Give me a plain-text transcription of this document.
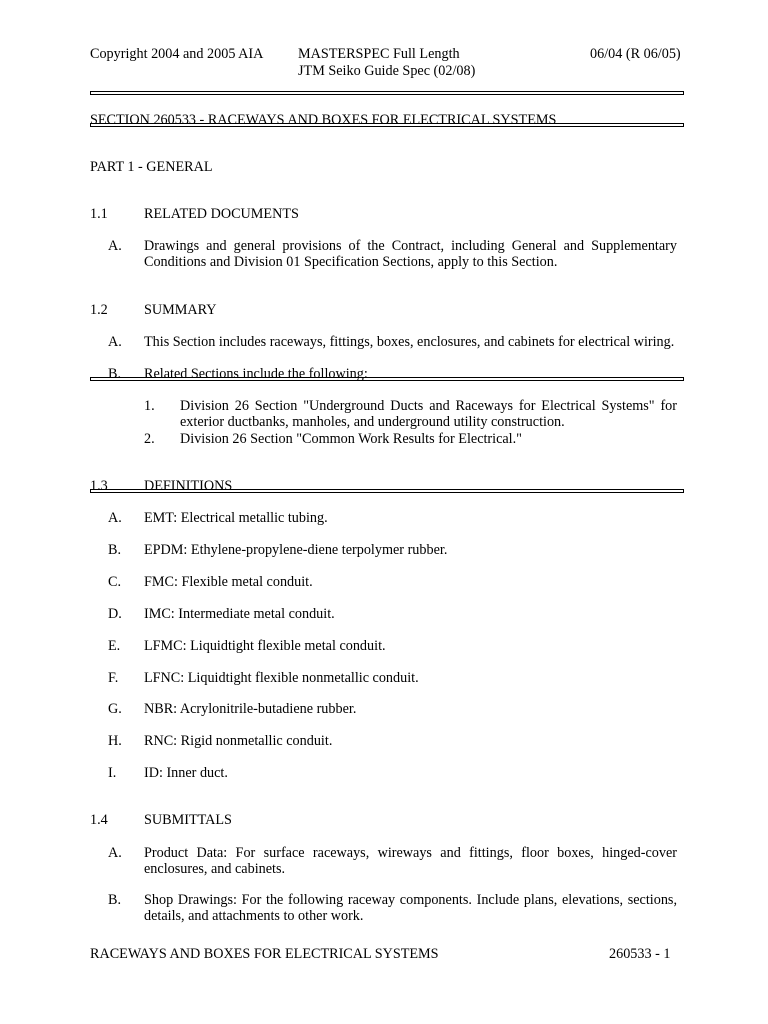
Copyright 2004 and 2005 AIA MASTERSPEC Full Length
JTM Seiko Guide Spec (02/08)
06/04 (R 06/05)
SECTION 260533 - RACEWAYS AND BOXES FOR ELECTRICAL SYSTEMS
PART 1 - GENERAL
1.1	RELATED DOCUMENTS
A. Drawings and general provisions of the Contract, including General and Supplementary Conditions and Division 01 Specification Sections, apply to this Section.
1.2	SUMMARY
A. This Section includes raceways, fittings, boxes, enclosures, and cabinets for electrical wiring.
B. Related Sections include the following:
1. Division 26 Section "Underground Ducts and Raceways for Electrical Systems" for exterior ductbanks, manholes, and underground utility construction.
2. Division 26 Section "Common Work Results for Electrical."
1.3	DEFINITIONS
A. EMT: Electrical metallic tubing.
B. EPDM: Ethylene-propylene-diene terpolymer rubber.
C. FMC: Flexible metal conduit.
D. IMC: Intermediate metal conduit.
E. LFMC: Liquidtight flexible metal conduit.
F. LFNC: Liquidtight flexible nonmetallic conduit.
G. NBR: Acrylonitrile-butadiene rubber.
H. RNC: Rigid nonmetallic conduit.
I. ID: Inner duct.
1.4	SUBMITTALS
A. Product Data: For surface raceways, wireways and fittings, floor boxes, hinged-cover enclosures, and cabinets.
B. Shop Drawings: For the following raceway components. Include plans, elevations, sections, details, and attachments to other work.
RACEWAYS AND BOXES FOR ELECTRICAL SYSTEMS	260533 - 1
